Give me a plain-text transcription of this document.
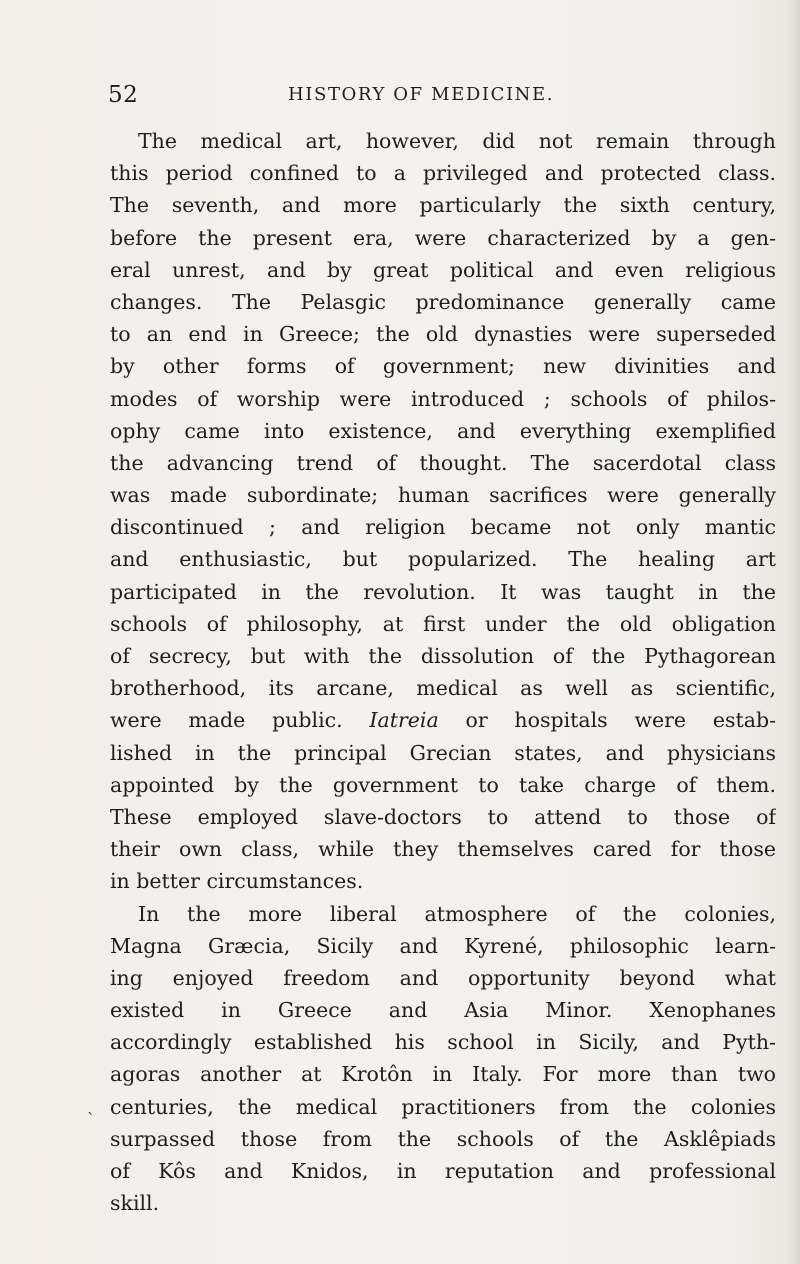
52	HISTORY OF MEDICINE.
The medical art, however, did not remain through
this period confined to a privileged and protected class.
The seventh, and more particularly the sixth century,
before the present era, were characterized by a gen-
eral unrest, and by great political and even religious
changes. The Pelasgic predominance generally came
to an end in Greece; the old dynasties were superseded
by other forms of government; new divinities and
modes of worship were introduced ; schools of philos-
ophy came into existence, and everything exemplified
the advancing trend of thought. The sacerdotal class
was made subordinate; human sacrifices were generally
discontinued ; and religion became not only mantic
and enthusiastic, but popularized. The healing art
participated in the revolution. It was taught in the
schools of philosophy, at first under the old obligation
of secrecy, but with the dissolution of the Pythagorean
brotherhood, its arcane, medical as well as scientific,
were made public. Iatreia or hospitals were estab-
lished in the principal Grecian states, and physicians
appointed by the government to take charge of them.
These employed slave-doctors to attend to those of
their own class, while they themselves cared for those
in better circumstances.
In the more liberal atmosphere of the colonies,
Magna Græcia, Sicily and Kyrené, philosophic learn-
ing enjoyed freedom and opportunity beyond what
existed in Greece and Asia Minor. Xenophanes
accordingly established his school in Sicily, and Pyth-
agoras another at Krotôn in Italy. For more than two
centuries, the medical practitioners from the colonies
surpassed those from the schools of the Asklêpiads
of Kôs and Knidos, in reputation and professional
skill.
`
